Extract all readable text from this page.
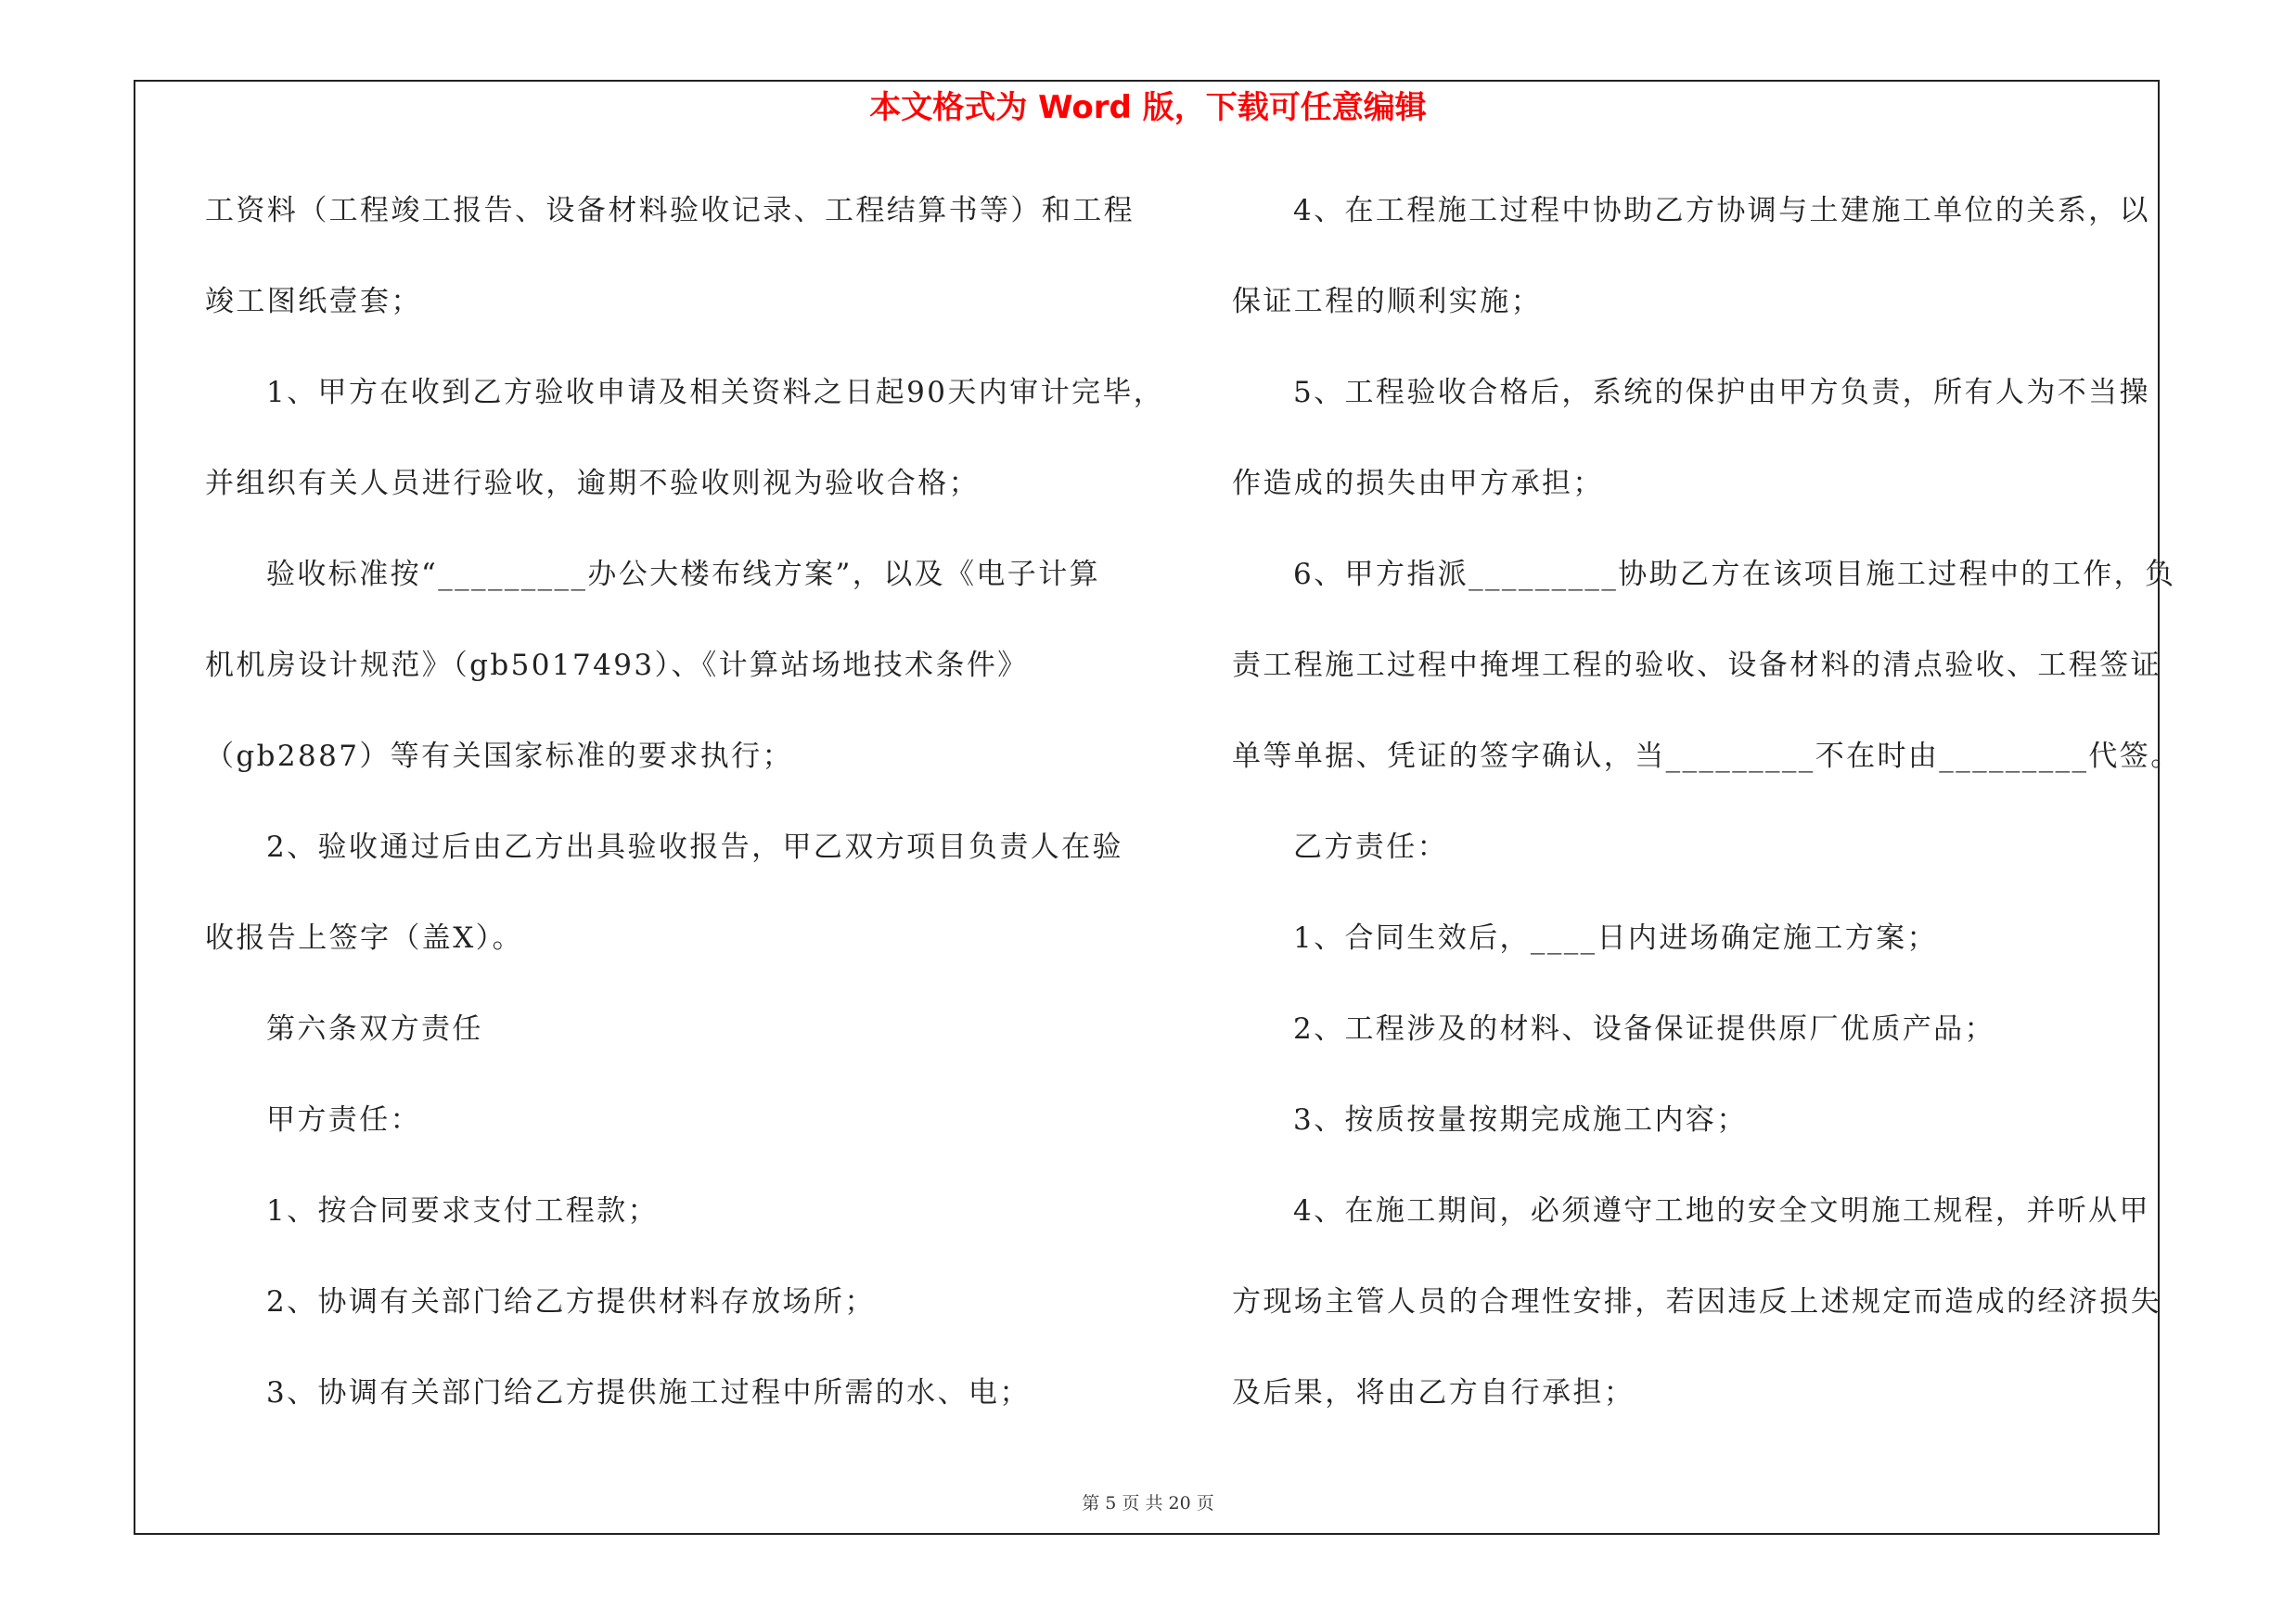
本文格式为 Word 版，下载可任意编辑
工资料（工程竣工报告、设备材料验收记录、工程结算书等）和工程
竣工图纸壹套；
1、甲方在收到乙方验收申请及相关资料之日起90天内审计完毕，
并组织有关人员进行验收，逾期不验收则视为验收合格；
验收标准按“_________办公大楼布线方案”，以及《电子计算
机机房设计规范》（gb5017493）、《计算站场地技术条件》
（gb2887）等有关国家标准的要求执行；
2、验收通过后由乙方出具验收报告，甲乙双方项目负责人在验
收报告上签字（盖X）。
第六条双方责任
甲方责任：
1、按合同要求支付工程款；
2、协调有关部门给乙方提供材料存放场所；
3、协调有关部门给乙方提供施工过程中所需的水、电；
4、在工程施工过程中协助乙方协调与土建施工单位的关系，以
保证工程的顺利实施；
5、工程验收合格后，系统的保护由甲方负责，所有人为不当操
作造成的损失由甲方承担；
6、甲方指派_________协助乙方在该项目施工过程中的工作，负
责工程施工过程中掩埋工程的验收、设备材料的清点验收、工程签证
单等单据、凭证的签字确认，当_________不在时由_________代签。
乙方责任：
1、合同生效后，____日内进场确定施工方案；
2、工程涉及的材料、设备保证提供原厂优质产品；
3、按质按量按期完成施工内容；
4、在施工期间，必须遵守工地的安全文明施工规程，并听从甲
方现场主管人员的合理性安排，若因违反上述规定而造成的经济损失
及后果，将由乙方自行承担；
第 5 页 共 20 页
